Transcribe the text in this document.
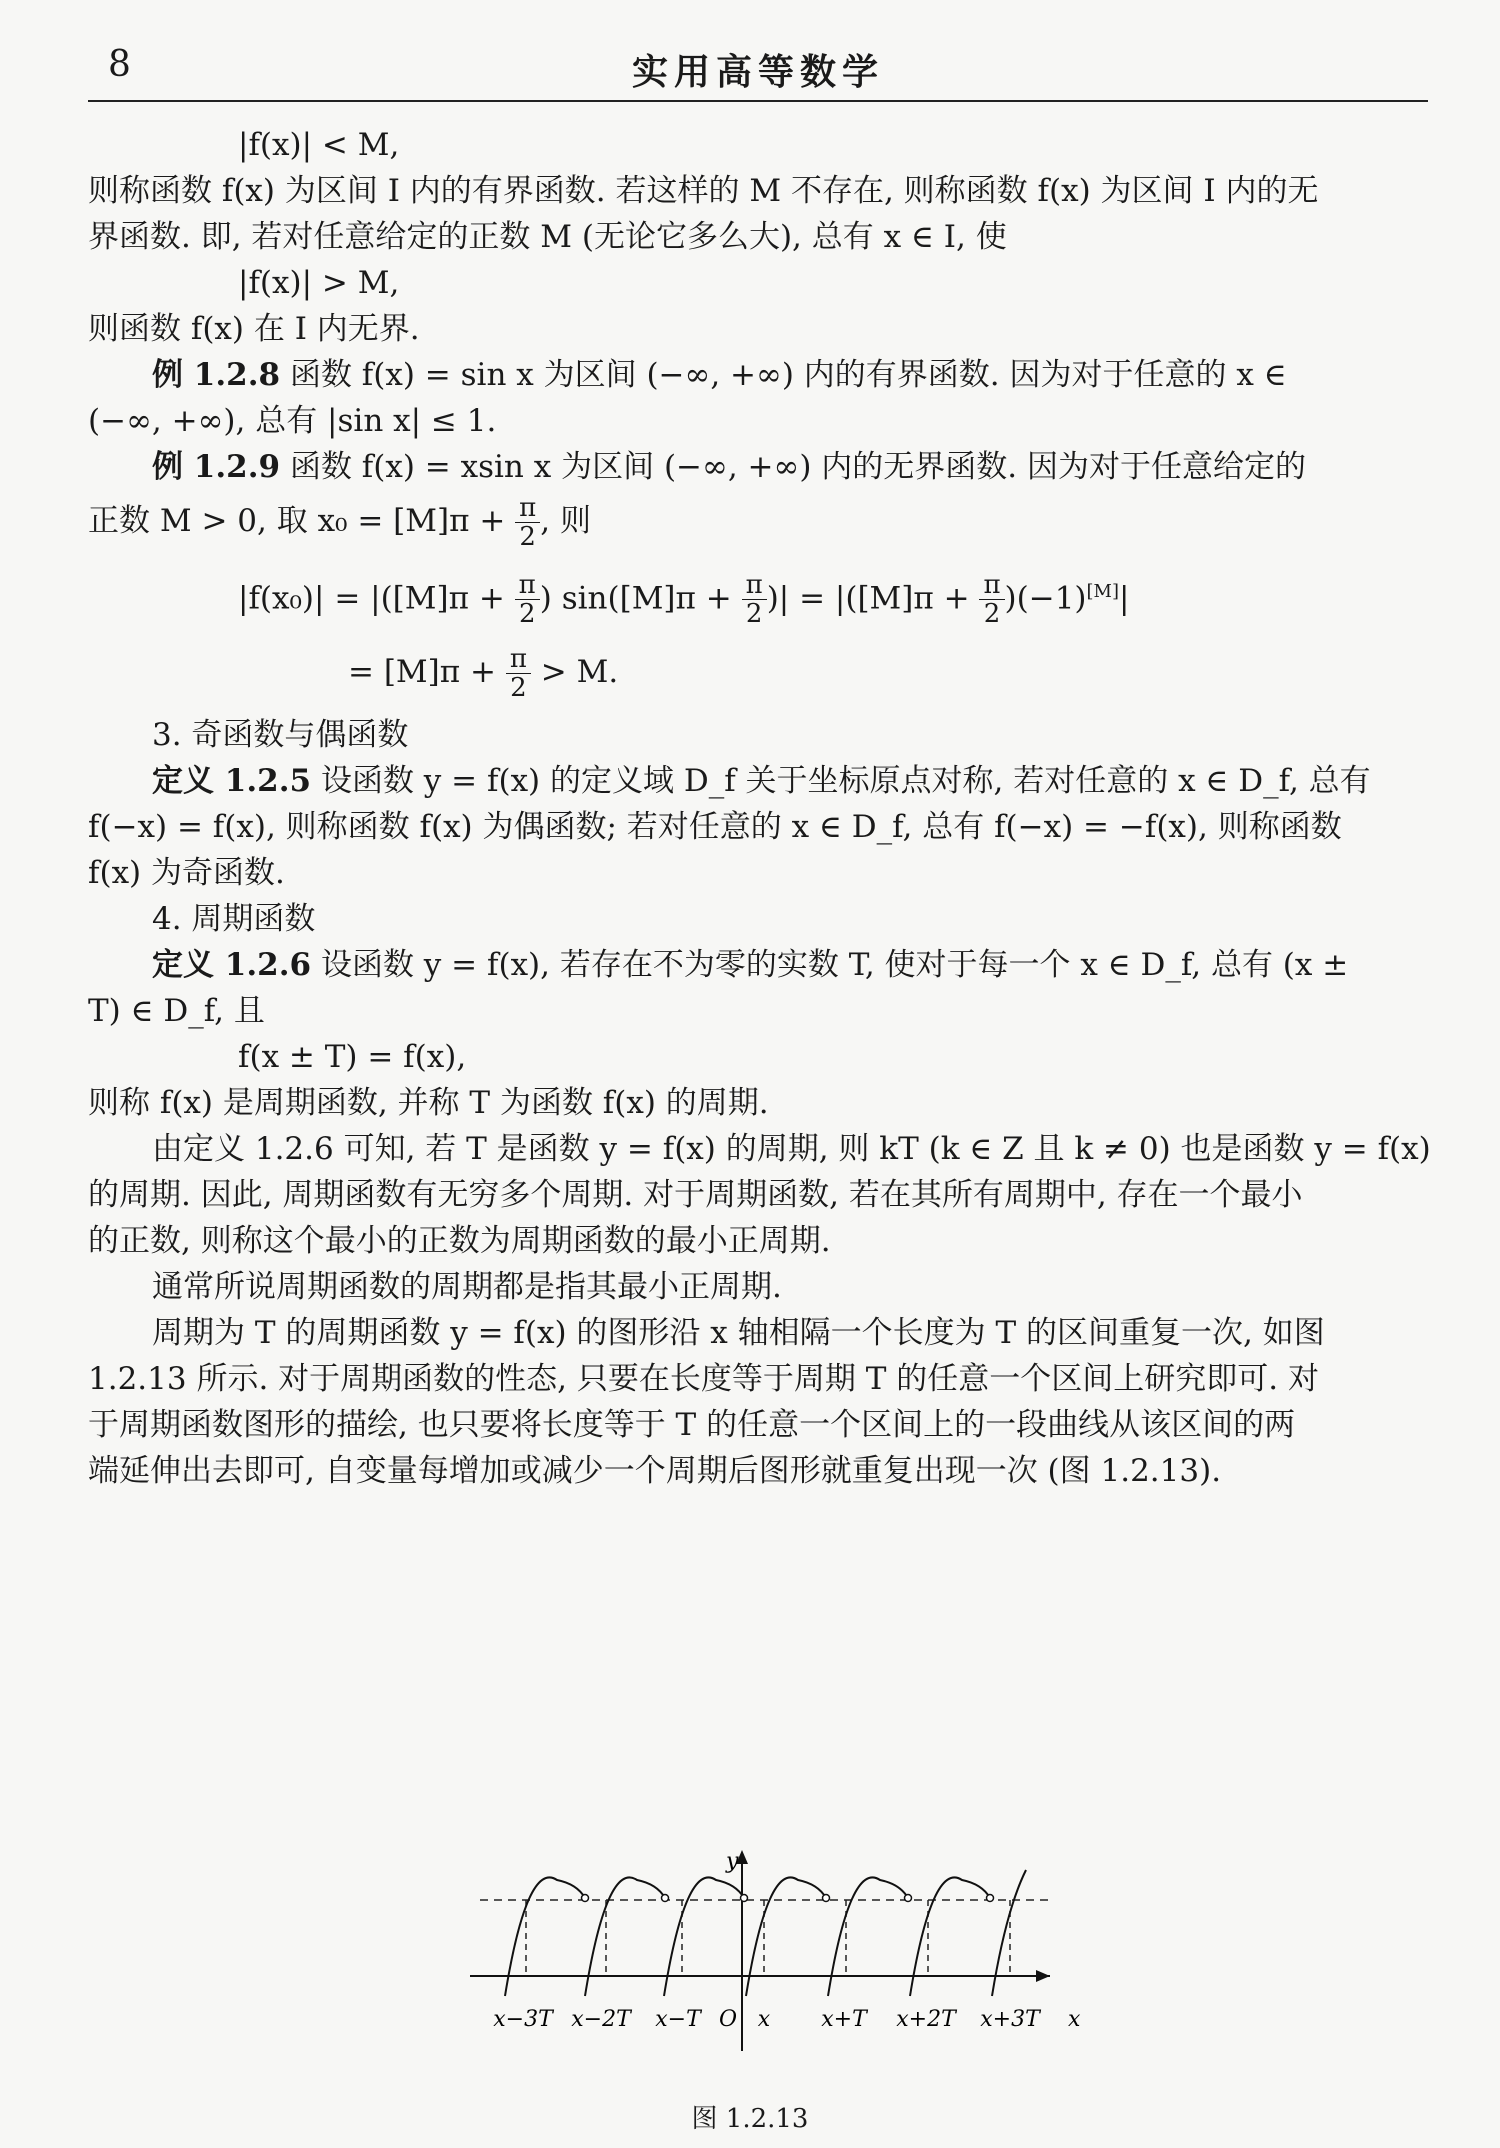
8	实用高等数学
|f(x)| < M,
则称函数 f(x) 为区间 I 内的有界函数. 若这样的 M 不存在, 则称函数 f(x) 为区间 I 内的无
界函数. 即, 若对任意给定的正数 M (无论它多么大), 总有 x ∈ I, 使
|f(x)| > M,
则函数 f(x) 在 I 内无界.
例 1.2.8 函数 f(x) = sin x 为区间 (−∞, +∞) 内的有界函数. 因为对于任意的 x ∈
(−∞, +∞), 总有 |sin x| ≤ 1.
例 1.2.9 函数 f(x) = xsin x 为区间 (−∞, +∞) 内的无界函数. 因为对于任意给定的
正数 M > 0, 取 $x_0 = [M]\pi + \frac{\pi}{2}$ , 则
$|f(x_0)| = |([M]\pi + \frac{\pi}{2}$ ) $\sin([M]\pi + \frac{\pi}{2}$ )| = $|([M]\pi + \frac{\pi}{2} )(-1)[M]|$
= $[M]\pi + \frac{\pi}{2} > M$.
3. 奇函数与偶函数
定义 1.2.5 设函数 y = f(x) 的定义域 D_f 关于坐标原点对称, 若对任意的 x ∈ D_f, 总有
f(−x) = f(x), 则称函数 f(x) 为偶函数; 若对任意的 x ∈ D_f, 总有 f(−x) = −f(x), 则称函数
f(x) 为奇函数.
4. 周期函数
定义 1.2.6 设函数 y = f(x), 若存在不为零的实数 T, 使对于每一个 x ∈ D_f, 总有 (x ±
T) ∈ D_f, 且
f(x ± T) = f(x),
则称 f(x) 是周期函数, 并称 T 为函数 f(x) 的周期.
由定义 1.2.6 可知, 若 T 是函数 y = f(x) 的周期, 则 kT (k ∈ Z 且 k ≠ 0) 也是函数 y = f(x)
的周期. 因此, 周期函数有无穷多个周期. 对于周期函数, 若在其所有周期中, 存在一个最小
的正数, 则称这个最小的正数为周期函数的最小正周期.
通常所说周期函数的周期都是指其最小正周期.
周期为 T 的周期函数 y = f(x) 的图形沿 x 轴相隔一个长度为 T 的区间重复一次, 如图
1.2.13 所示. 对于周期函数的性态, 只要在长度等于周期 T 的任意一个区间上研究即可. 对
于周期函数图形的描绘, 也只要将长度等于 T 的任意一个区间上的一段曲线从该区间的两
端延伸出去即可, 自变量每增加或减少一个周期后图形就重复出现一次 (图 1.2.13).
x−3T x−2T x−T	x x+T x+2T x+3T
O
y
x
图 1.2.13
